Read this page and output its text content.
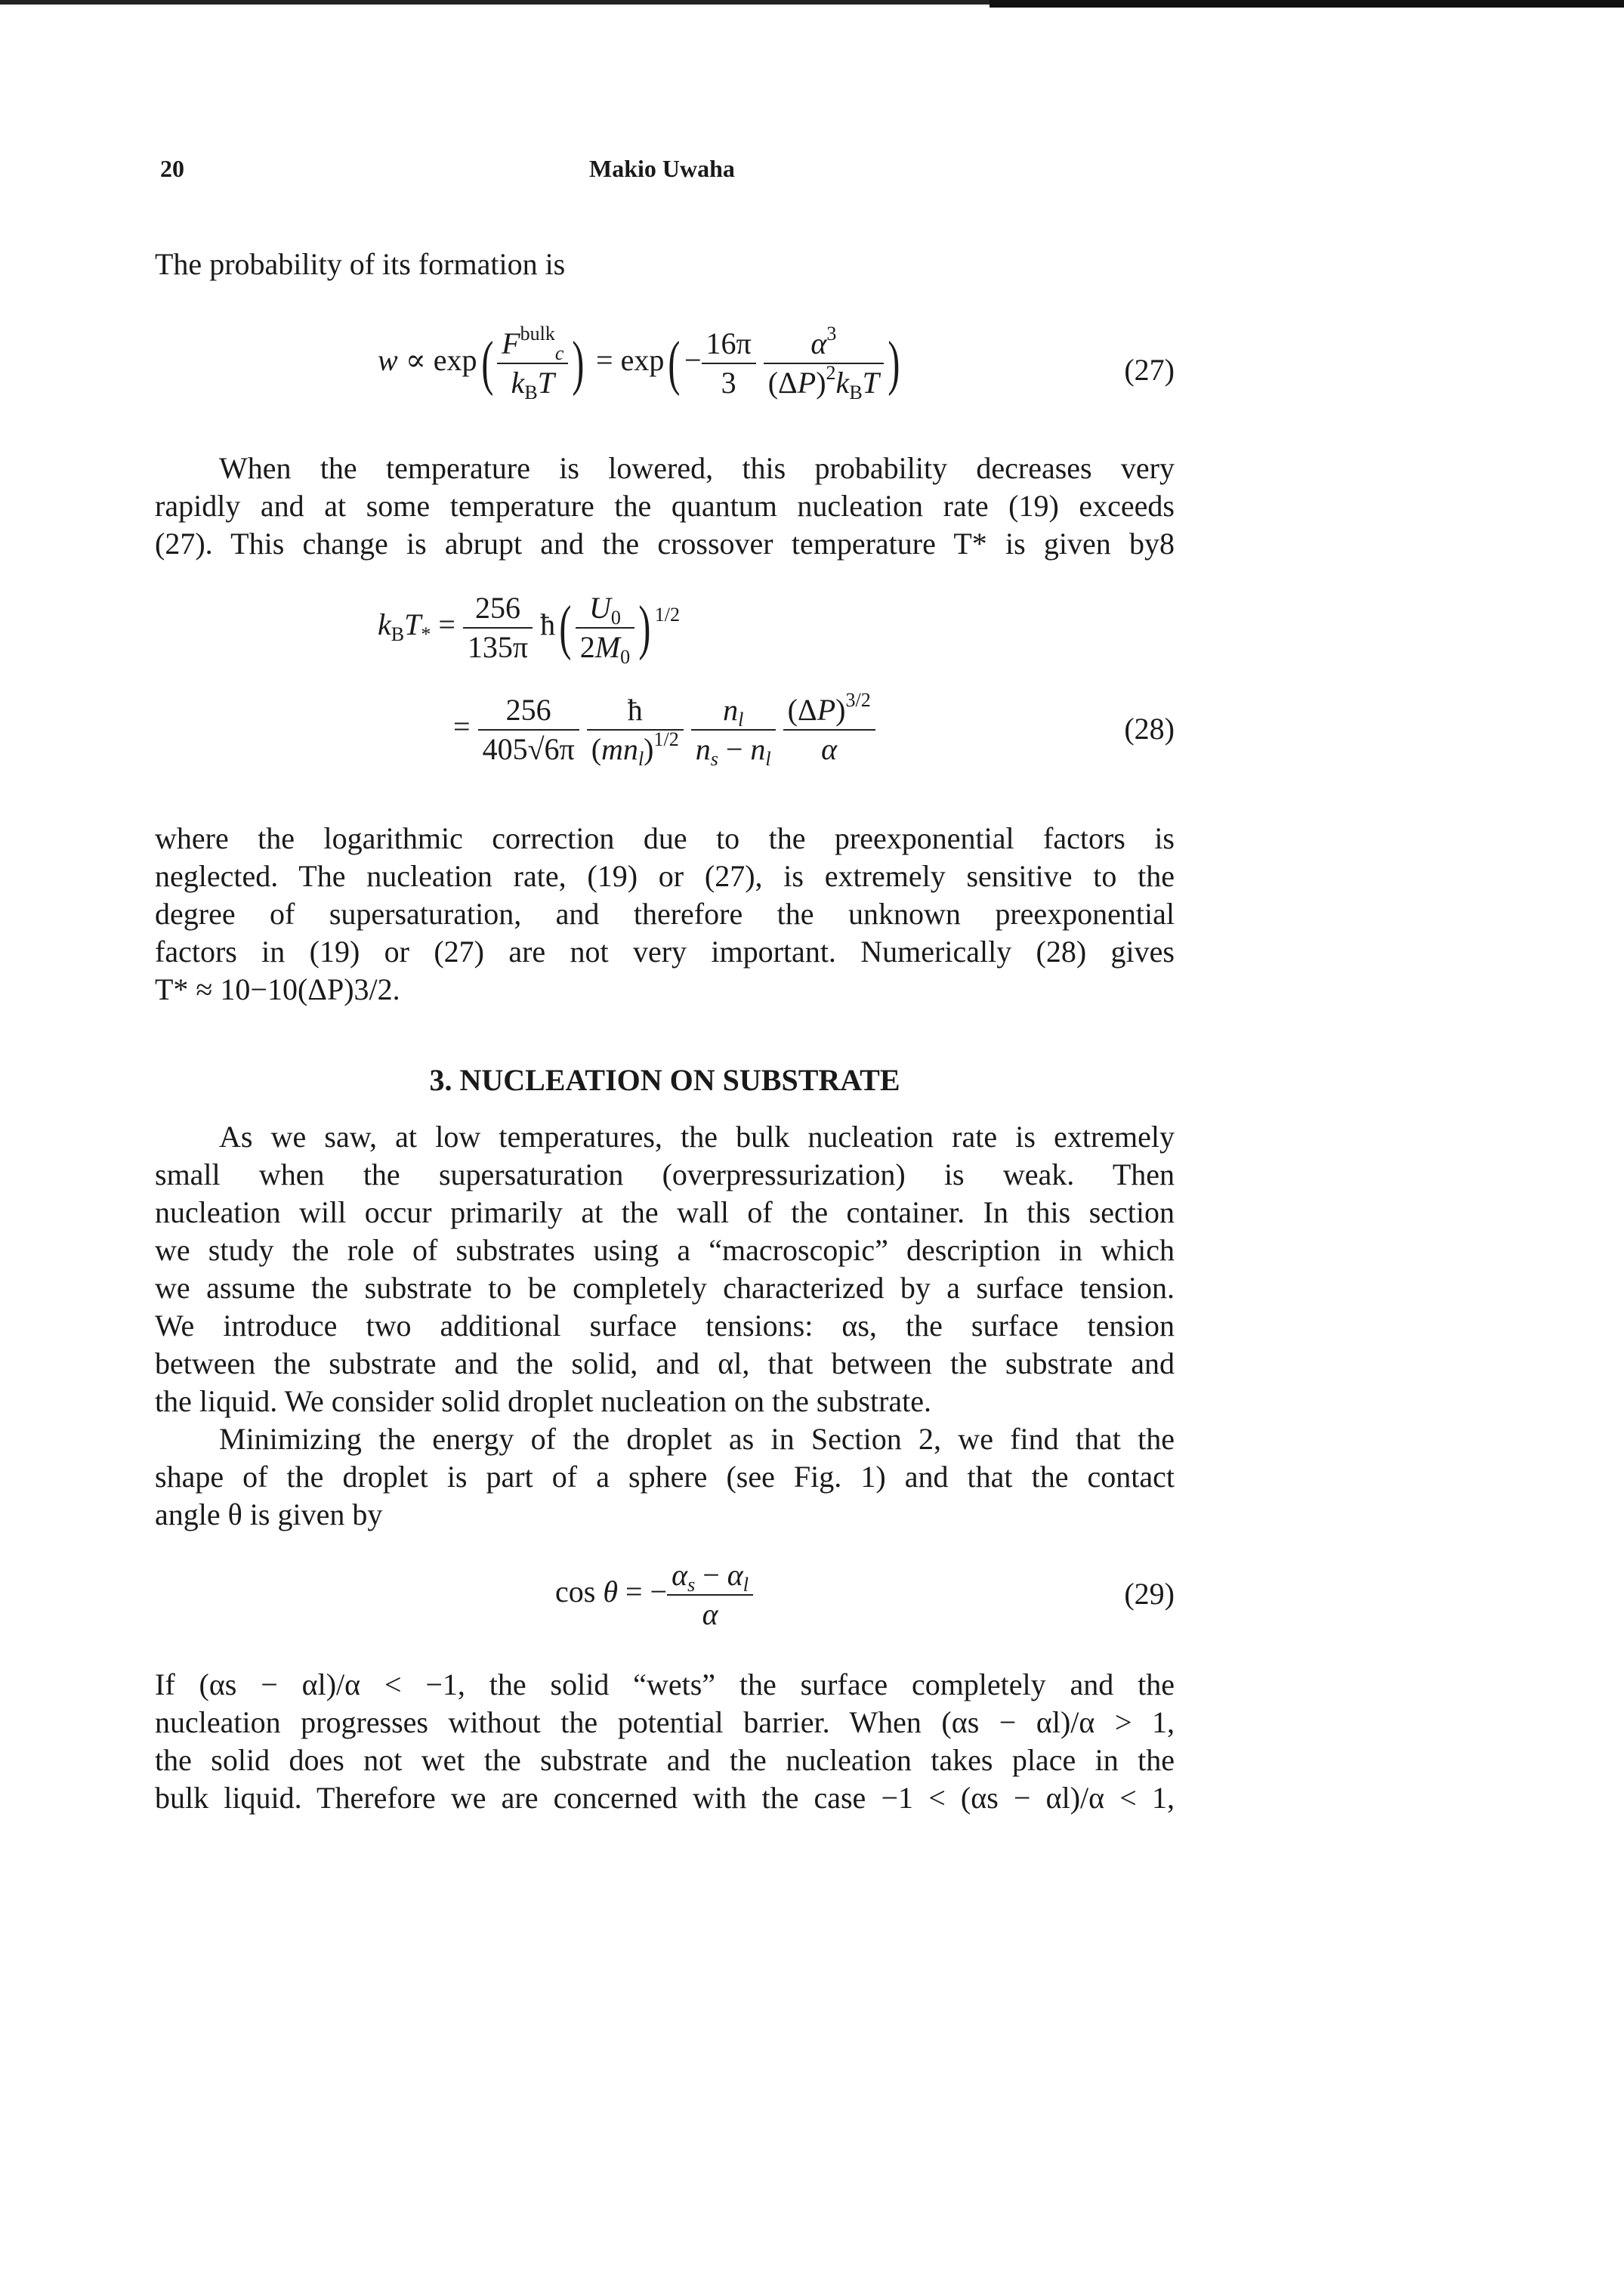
20	Makio Uwaha
The probability of its formation is
$w \propto \exp( \frac{F^{bulk}_c}{k_BT}$ ) = $\exp( - \frac{16\pi}{3}$
$\frac{\alpha^3}{(\Delta P)^2k_BT}$ )	(27)
When the temperature is lowered, this probability decreases very
rapidly and at some temperature the quantum nucleation rate (19) exceeds
(27). This change is abrupt and the crossover temperature T* is given by8
$k_BT_* = \frac{256}{135\pi}$ ħ( $\frac{U_0}{2M_0}$ ) $^{1/2}$
= $\frac{256}{405√6\pi}$
$\frac{ħ}{(mn_l)^{1/2}}$
$\frac{n_l}{n_s - n_l}$
$\frac{(\Delta P)^{3/2}}{\alpha}$	(28)
where the logarithmic correction due to the preexponential factors is
neglected. The nucleation rate, (19) or (27), is extremely sensitive to the
degree of supersaturation, and therefore the unknown preexponential
factors in (19) or (27) are not very important. Numerically (28) gives
T* ≈ 10−10(ΔP)3/2.
3. NUCLEATION ON SUBSTRATE
As we saw, at low temperatures, the bulk nucleation rate is extremely
small when the supersaturation (overpressurization) is weak. Then
nucleation will occur primarily at the wall of the container. In this section
we study the role of substrates using a “macroscopic” description in which
we assume the substrate to be completely characterized by a surface tension.
We introduce two additional surface tensions: αs, the surface tension
between the substrate and the solid, and αl, that between the substrate and
the liquid. We consider solid droplet nucleation on the substrate.
Minimizing the energy of the droplet as in Section 2, we find that the
shape of the droplet is part of a sphere (see Fig. 1) and that the contact
angle θ is given by
cos θ = − $\frac{\alpha_s - \alpha_l}{\alpha}$	(29)
If (αs − αl)/α < −1, the solid “wets” the surface completely and the
nucleation progresses without the potential barrier. When (αs − αl)/α > 1,
the solid does not wet the substrate and the nucleation takes place in the
bulk liquid. Therefore we are concerned with the case −1 < (αs − αl)/α < 1,
